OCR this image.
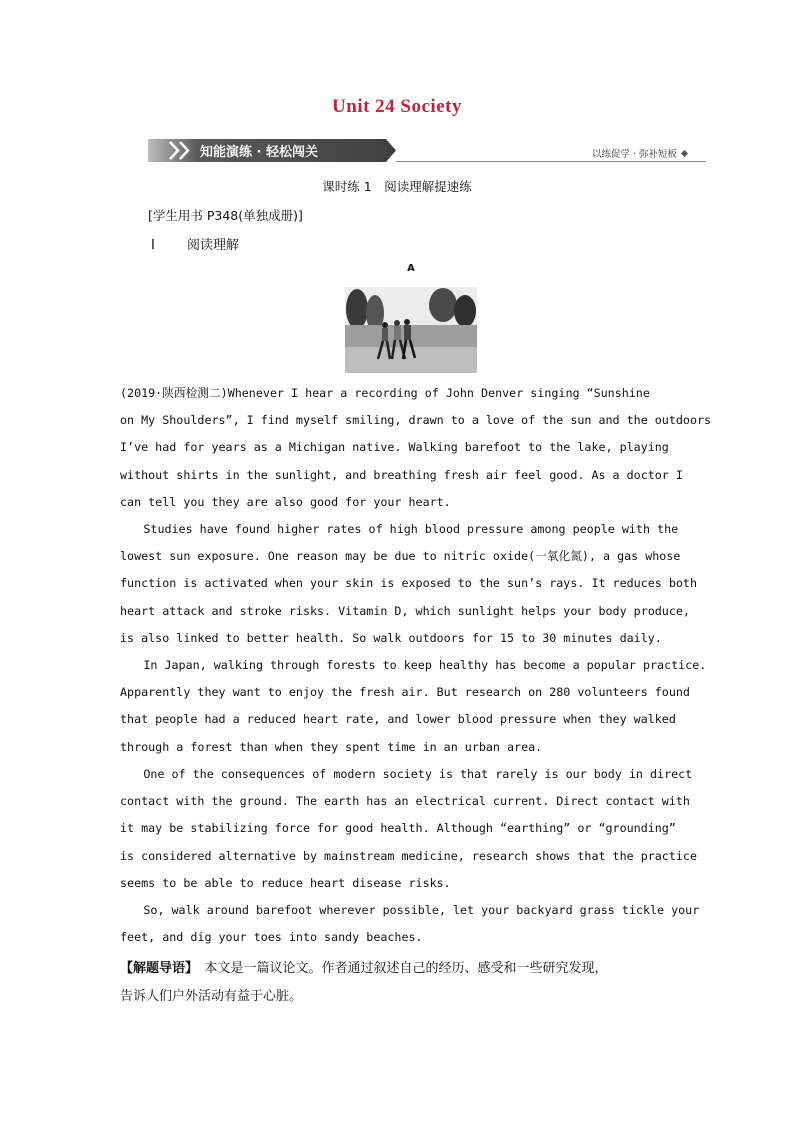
Unit 24 Society
知能演练 · 轻松闯关	以练促学 · 弥补短板
课时练 1　阅读理解提速练
[学生用书 P348(单独成册)]
Ⅰ 阅读理解
A
(2019·陕西检测二)Whenever I hear a recording of John Denver singing “Sunshine
on My Shoulders”, I find myself smiling, drawn to a love of the sun and the outdoors
I’ve had for years as a Michigan native. Walking barefoot to the lake, playing
without shirts in the sunlight, and breathing fresh air feel good. As a doctor I
can tell you they are also good for your heart.
　　Studies have found higher rates of high blood pressure among people with the
lowest sun exposure. One reason may be due to nitric oxide(一氧化氮), a gas whose
function is activated when your skin is exposed to the sun’s rays. It reduces both
heart attack and stroke risks. Vitamin D, which sunlight helps your body produce,
is also linked to better health. So walk outdoors for 15 to 30 minutes daily.
　　In Japan, walking through forests to keep healthy has become a popular practice.
Apparently they want to enjoy the fresh air. But research on 280 volunteers found
that people had a reduced heart rate, and lower blood pressure when they walked
through a forest than when they spent time in an urban area.
　　One of the consequences of modern society is that rarely is our body in direct
contact with the ground. The earth has an electrical current. Direct contact with
it may be stabilizing force for good health. Although “earthing” or “grounding”
is considered alternative by mainstream medicine, research shows that the practice
seems to be able to reduce heart disease risks.
　　So, walk around barefoot wherever possible, let your backyard grass tickle your
feet, and dig your toes into sandy beaches.
【解题导语】　本文是一篇议论文。作者通过叙述自己的经历、感受和一些研究发现，
告诉人们户外活动有益于心脏。
